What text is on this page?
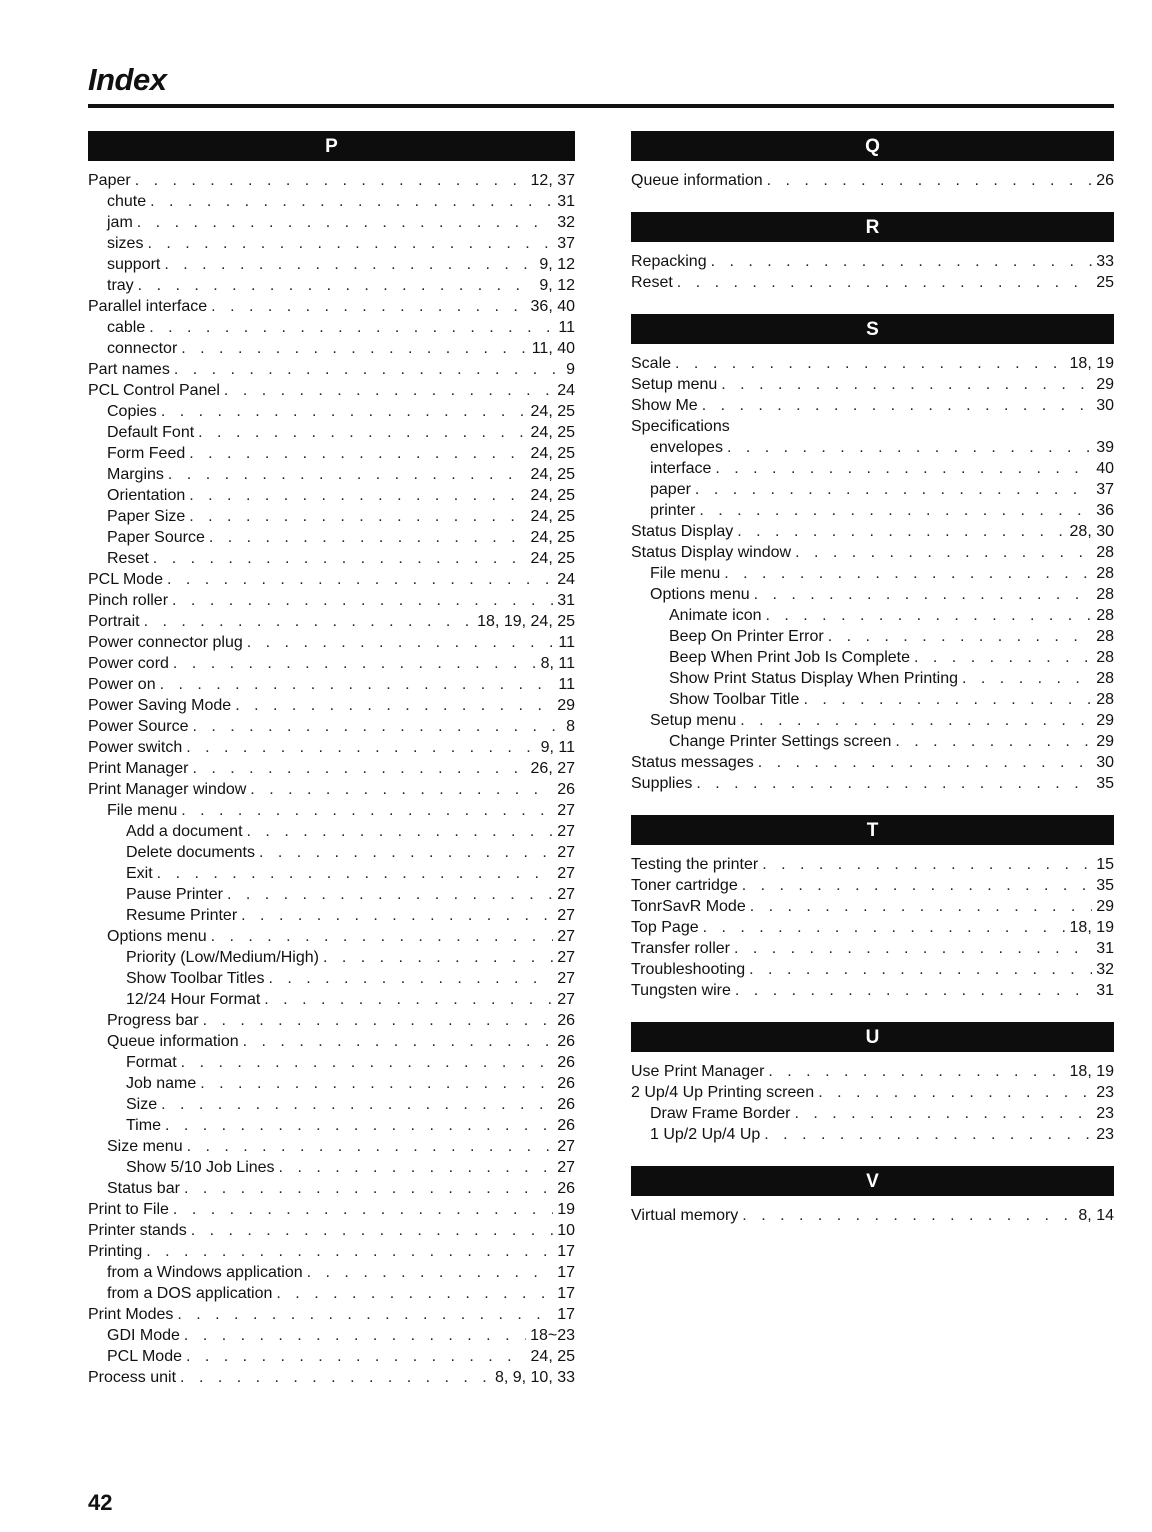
Index
P
Paper . . .	12, 37
chute . . .	31
jam . . .	32
sizes . . .	37
support . . .	9, 12
tray . . .	9, 12
Parallel interface . . .	36, 40
cable . . .	11
connector . . .	11, 40
Part names . . .	9
PCL Control Panel . . .	24
Copies . . .	24, 25
Default Font . . .	24, 25
Form Feed . . .	24, 25
Margins . . .	24, 25
Orientation . . .	24, 25
Paper Size . . .	24, 25
Paper Source . . .	24, 25
Reset . . .	24, 25
PCL Mode . . .	24
Pinch roller . . .	31
Portrait . . .	18, 19, 24, 25
Power connector plug . . .	11
Power cord . . .	8, 11
Power on . . .	11
Power Saving Mode . . .	29
Power Source . . .	8
Power switch . . .	9, 11
Print Manager . . .	26, 27
Print Manager window . . .	26
File menu . . .	27
Add a document . . .	27
Delete documents . . .	27
Exit . . .	27
Pause Printer . . .	27
Resume Printer . . .	27
Options menu . . .	27
Priority (Low/Medium/High) . . .	27
Show Toolbar Titles . . .	27
12/24 Hour Format . . .	27
Progress bar . . .	26
Queue information . . .	26
Format . . .	26
Job name . . .	26
Size . . .	26
Time . . .	26
Size menu . . .	27
Show 5/10 Job Lines . . .	27
Status bar . . .	26
Print to File . . .	19
Printer stands . . .	10
Printing . . .	17
from a Windows application . . .	17
from a DOS application . . .	17
Print Modes . . .	17
GDI Mode . . .	18~23
PCL Mode . . .	24, 25
Process unit . . .	8, 9, 10, 33
Q
Queue information . . .	26
R
Repacking . . .	33
Reset . . .	25
S
Scale . . .	18, 19
Setup menu . . .	29
Show Me . . .	30
Specifications
envelopes . . .	39
interface . . .	40
paper . . .	37
printer . . .	36
Status Display . . .	28, 30
Status Display window . . .	28
File menu . . .	28
Options menu . . .	28
Animate icon . . .	28
Beep On Printer Error . . .	28
Beep When Print Job Is Complete . . .	28
Show Print Status Display When Printing . . .	28
Show Toolbar Title . . .	28
Setup menu . . .	29
Change Printer Settings screen . . .	29
Status messages . . .	30
Supplies . . .	35
T
Testing the printer . . .	15
Toner cartridge . . .	35
TonrSavR Mode . . .	29
Top Page . . .	18, 19
Transfer roller . . .	31
Troubleshooting . . .	32
Tungsten wire . . .	31
U
Use Print Manager . . .	18, 19
2 Up/4 Up Printing screen . . .	23
Draw Frame Border . . .	23
1 Up/2 Up/4 Up . . .	23
V
Virtual memory . . .	8, 14
42
